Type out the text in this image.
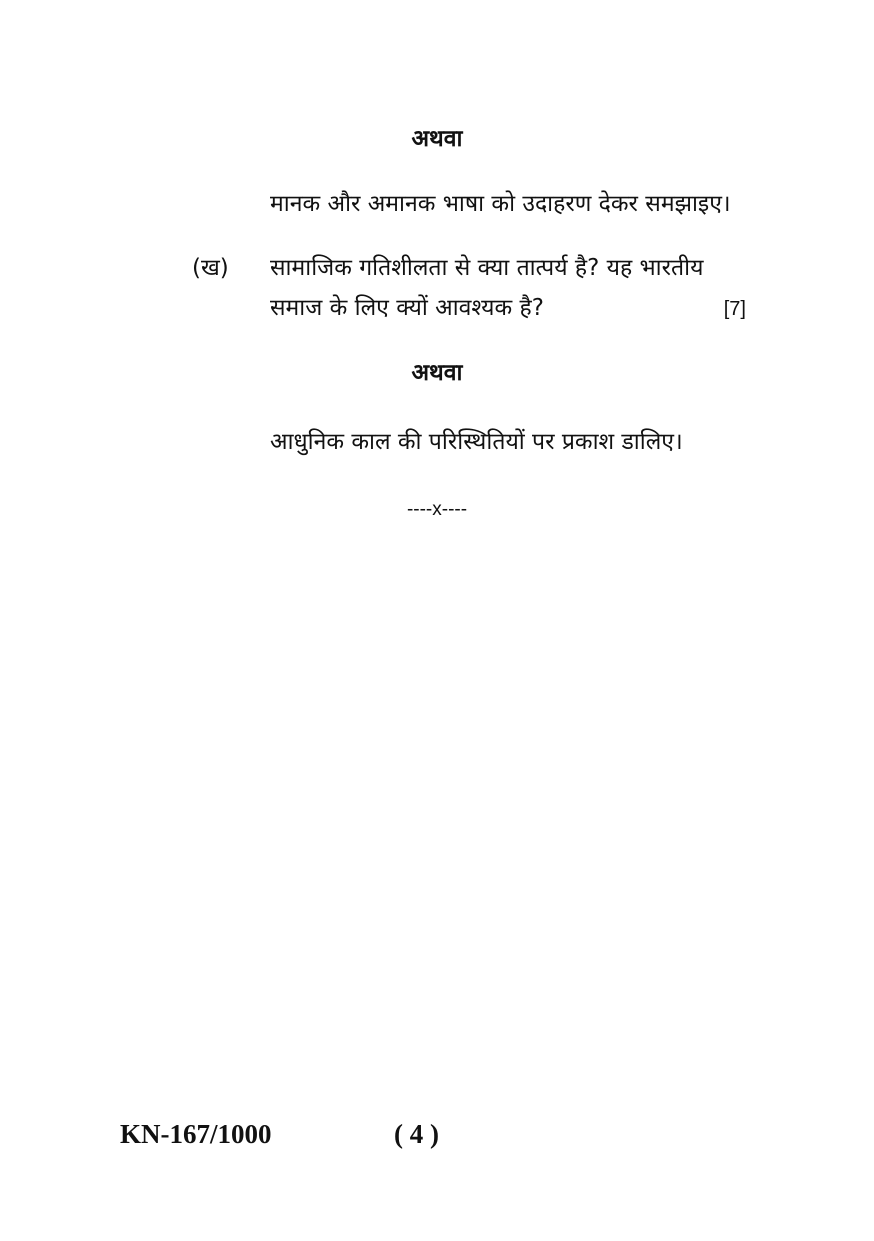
अथवा
मानक और अमानक भाषा को उदाहरण देकर समझाइए।
(ख) सामाजिक गतिशीलता से क्या तात्पर्य है? यह भारतीय
समाज के लिए क्यों आवश्यक है?	[7]
अथवा
आधुनिक काल की परिस्थितियों पर प्रकाश डालिए।
----x----
KN-167/1000	( 4 )
